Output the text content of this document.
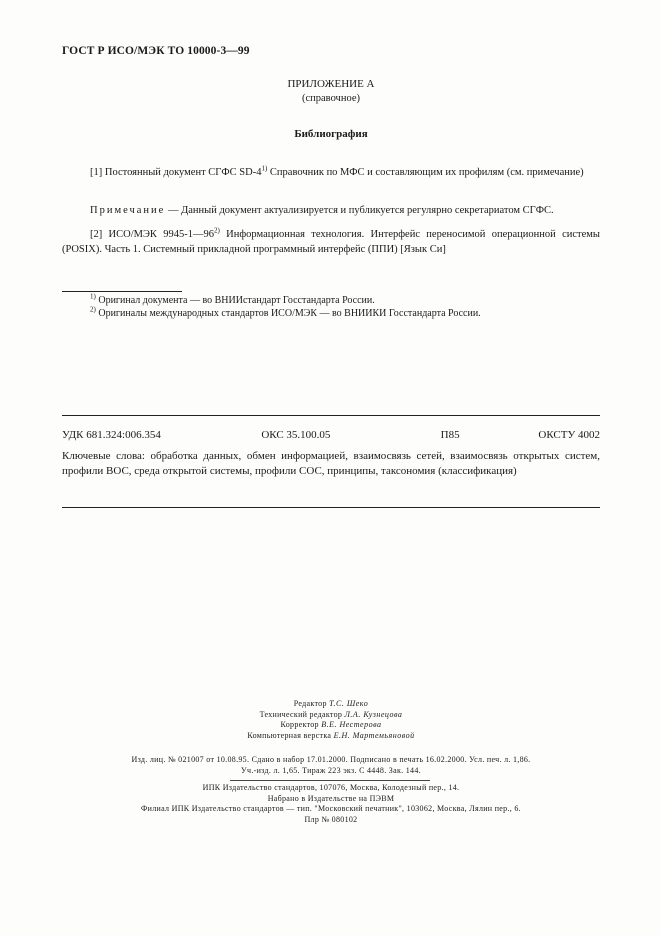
ГОСТ Р ИСО/МЭК ТО 10000-3—99
ПРИЛОЖЕНИЕ А
(справочное)
Библиография
[1] Постоянный документ СГФС SD-4$^{1)}$ Справочник по МФС и составляющим их профилям (см. примечание)
Примечание — Данный документ актуализируется и публикуется регулярно секретариатом СГФС.
[2] ИСО/МЭК 9945-1—96$^{2)}$ Информационная технология. Интерфейс переносимой операционной системы (POSIX). Часть 1. Системный прикладной программный интерфейс (ППИ) [Язык Си]
$^{1)}$ Оригинал документа — во ВНИИстандарт Госстандарта России.
$^{2)}$ Оригиналы международных стандартов ИСО/МЭК — во ВНИИКИ Госстандарта России.
УДК 681.324:006.354	ОКС 35.100.05	П85	ОКСТУ 4002
Ключевые слова: обработка данных, обмен информацией, взаимосвязь сетей, взаимосвязь открытых систем, профили ВОС, среда открытой системы, профили СОС, принципы, таксономия (классификация)
Редактор Т.С. Шеко
Технический редактор Л.А. Кузнецова
Корректор В.Е. Нестерова
Компьютерная верстка Е.Н. Мартемьяновой
Изд. лиц. № 021007 от 10.08.95. Сдано в набор 17.01.2000. Подписано в печать 16.02.2000. Усл. печ. л. 1,86.
Уч.-изд. л. 1,65. Тираж 223 экз. С 4448. Зак. 144.
ИПК Издательство стандартов, 107076, Москва, Колодезный пер., 14.
Набрано в Издательстве на ПЭВМ
Филиал ИПК Издательство стандартов — тип. "Московский печатник", 103062, Москва, Лялин пер., 6.
Плр № 080102
